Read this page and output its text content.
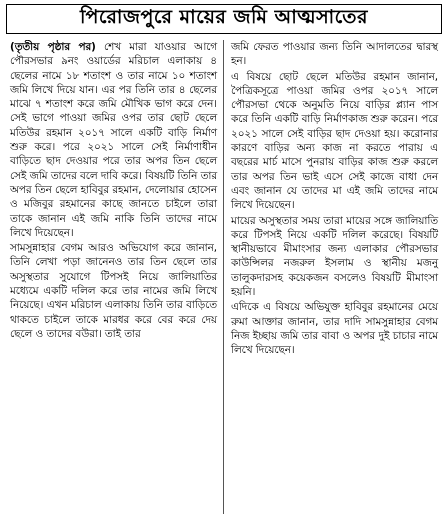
পিরোজপুরে মায়ের জমি আত্মসাতের

(তৃতীয় পৃষ্ঠার পর) শেখ মারা যাওয়ার আগে পৌরসভার ৯নং ওয়ার্ডের মরিচাল এলাকায় ৪ ছেলের নামে ১৮ শতাংশ ও তার নামে ১০ শতাংশ জমি লিখে দিয়ে যান। এর পর তিনি তার ৪ ছেলের মাঝে ৭ শতাংশ করে জমি মৌখিক ভাগ করে দেন। সেই ভাগে পাওয়া জমির ওপর তার ছোট ছেলে মতিউর রহমান ২০১৭ সালে একটি বাড়ি নির্মাণ শুরু করে। পরে ২০২১ সালে সেই নির্মাণাধীন বাড়িতে ছাদ দেওয়ার পরে তার অপর তিন ছেলে সেই জমি তাদের বলে দাবি করে। বিষয়টি তিনি তার অপর তিন ছেলে হাবিবুর রহমান, দেলোয়ার হোসেন ও মজিবুর রহমানের কাছে জানতে চাইলে তারা তাকে জানান এই জমি নাকি তিনি তাদের নামে লিখে দিয়েছেন।

সামসুন্নাহার বেগম আরও অভিযোগ করে জানান, তিনি লেখা পড়া জানেনও তার তিন ছেলে তার অসুস্থতার সুযোগে টিপসই নিয়ে জালিয়াতির মধ্যেমে একটি দলিল করে তার নামের জমি লিখে নিয়েছে। এখন মরিচাল এলাকায় তিনি তার বাড়িতে থাকতে চাইলে তাকে মারধর করে বের করে দেয় ছেলে ও তাদের বউরা। তাই তার

জমি ফেরত পাওয়ার জন্য তিনি আদালতের দ্বারস্থ হন।

এ বিষয়ে ছোট ছেলে মতিউর রহমান জানান, পৈত্রিকসূত্রে পাওয়া জমির ওপর ২০১৭ সালে পৌরসভা থেকে অনুমতি নিয়ে বাড়ির প্ল্যান পাস করে তিনি একটি বাড়ি নির্মাণকাজ শুরু করেন। পরে ২০২১ সালে সেই বাড়ির ছাদ দেওয়া হয়। করোনার কারণে বাড়ির অন্য কাজ না করতে পারায় এ বছরের মার্চ মাসে পুনরায় বাড়ির কাজ শুরু করলে তার অপর তিন ভাই এসে সেই কাজে বাধা দেন এবং জানান যে তাদের মা এই জমি তাদের নামে লিখে দিয়েছেন।

মায়ের অসুস্থতার সময় তারা মায়ের সঙ্গে জালিয়াতি করে টিপসই নিয়ে একটি দলিল করেছে। বিষয়টি স্থানীয়ভাবে মীমাংসার জন্য এলাকার পৌরসভার কাউন্সিলর নজরুল ইসলাম ও স্থানীয় মজনু তালুকদারসহ কয়েকজন বসলেও বিষয়টি মীমাংসা হয়নি।

এদিকে এ বিষয়ে অভিযুক্ত হাবিবুর রহমানের মেয়ে রুমা আক্তার জানান, তার দাদি সামসুন্নাহার বেগম নিজ ইচ্ছায় জমি তার বাবা ও অপর দুই চাচার নামে লিখে দিয়েছেন।
